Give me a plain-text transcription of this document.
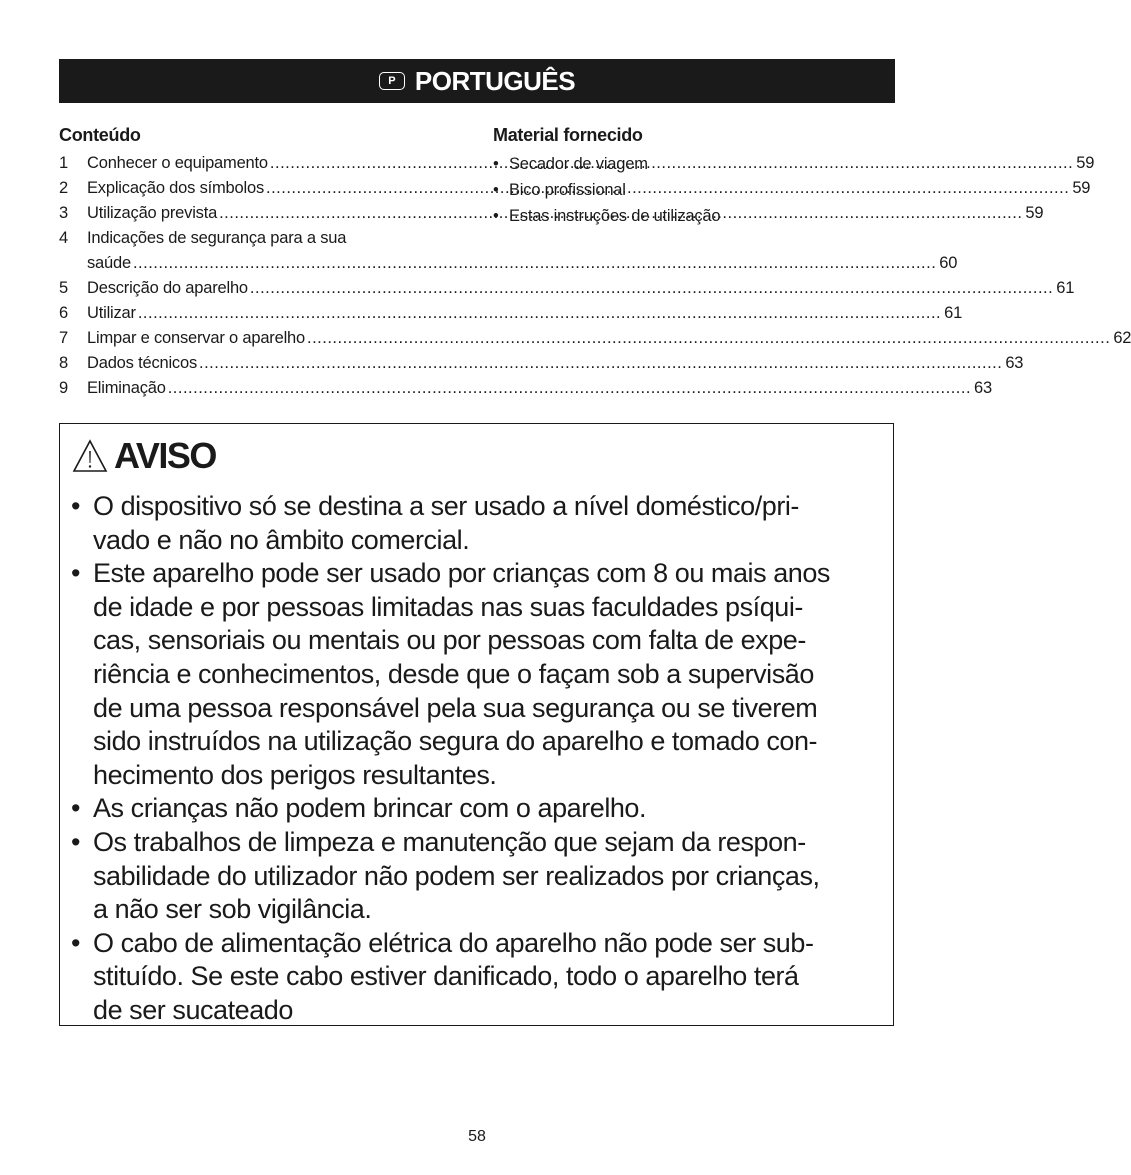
P PORTUGUÊS
Conteúdo
1	Conhecer o equipamento .....	59
2	Explicação dos símbolos .....	59
3	Utilização prevista .....	59
4	Indicações de segurança para a sua
saúde .....	60
5	Descrição do aparelho .....	61
6	Utilizar .....	61
7	Limpar e conservar o aparelho .....	62
8	Dados técnicos .....	63
9	Eliminação .....	63
Material fornecido
• Secador de viagem
• Bico profissional
• Estas instruções de utilização
AVISO
• O dispositivo só se destina a ser usado a nível doméstico/pri-
vado e não no âmbito comercial.
• Este aparelho pode ser usado por crianças com 8 ou mais anos
de idade e por pessoas limitadas nas suas faculdades psíqui-
cas, sensoriais ou mentais ou por pessoas com falta de expe-
riência e conhecimentos, desde que o façam sob a supervisão
de uma pessoa responsável pela sua segurança ou se tiverem
sido instruídos na utilização segura do aparelho e tomado con-
hecimento dos perigos resultantes.
• As crianças não podem brincar com o aparelho.
• Os trabalhos de limpeza e manutenção que sejam da respon-
sabilidade do utilizador não podem ser realizados por crianças,
a não ser sob vigilância.
• O cabo de alimentação elétrica do aparelho não pode ser sub-
stituído. Se este cabo estiver danificado, todo o aparelho terá
de ser sucateado
58
